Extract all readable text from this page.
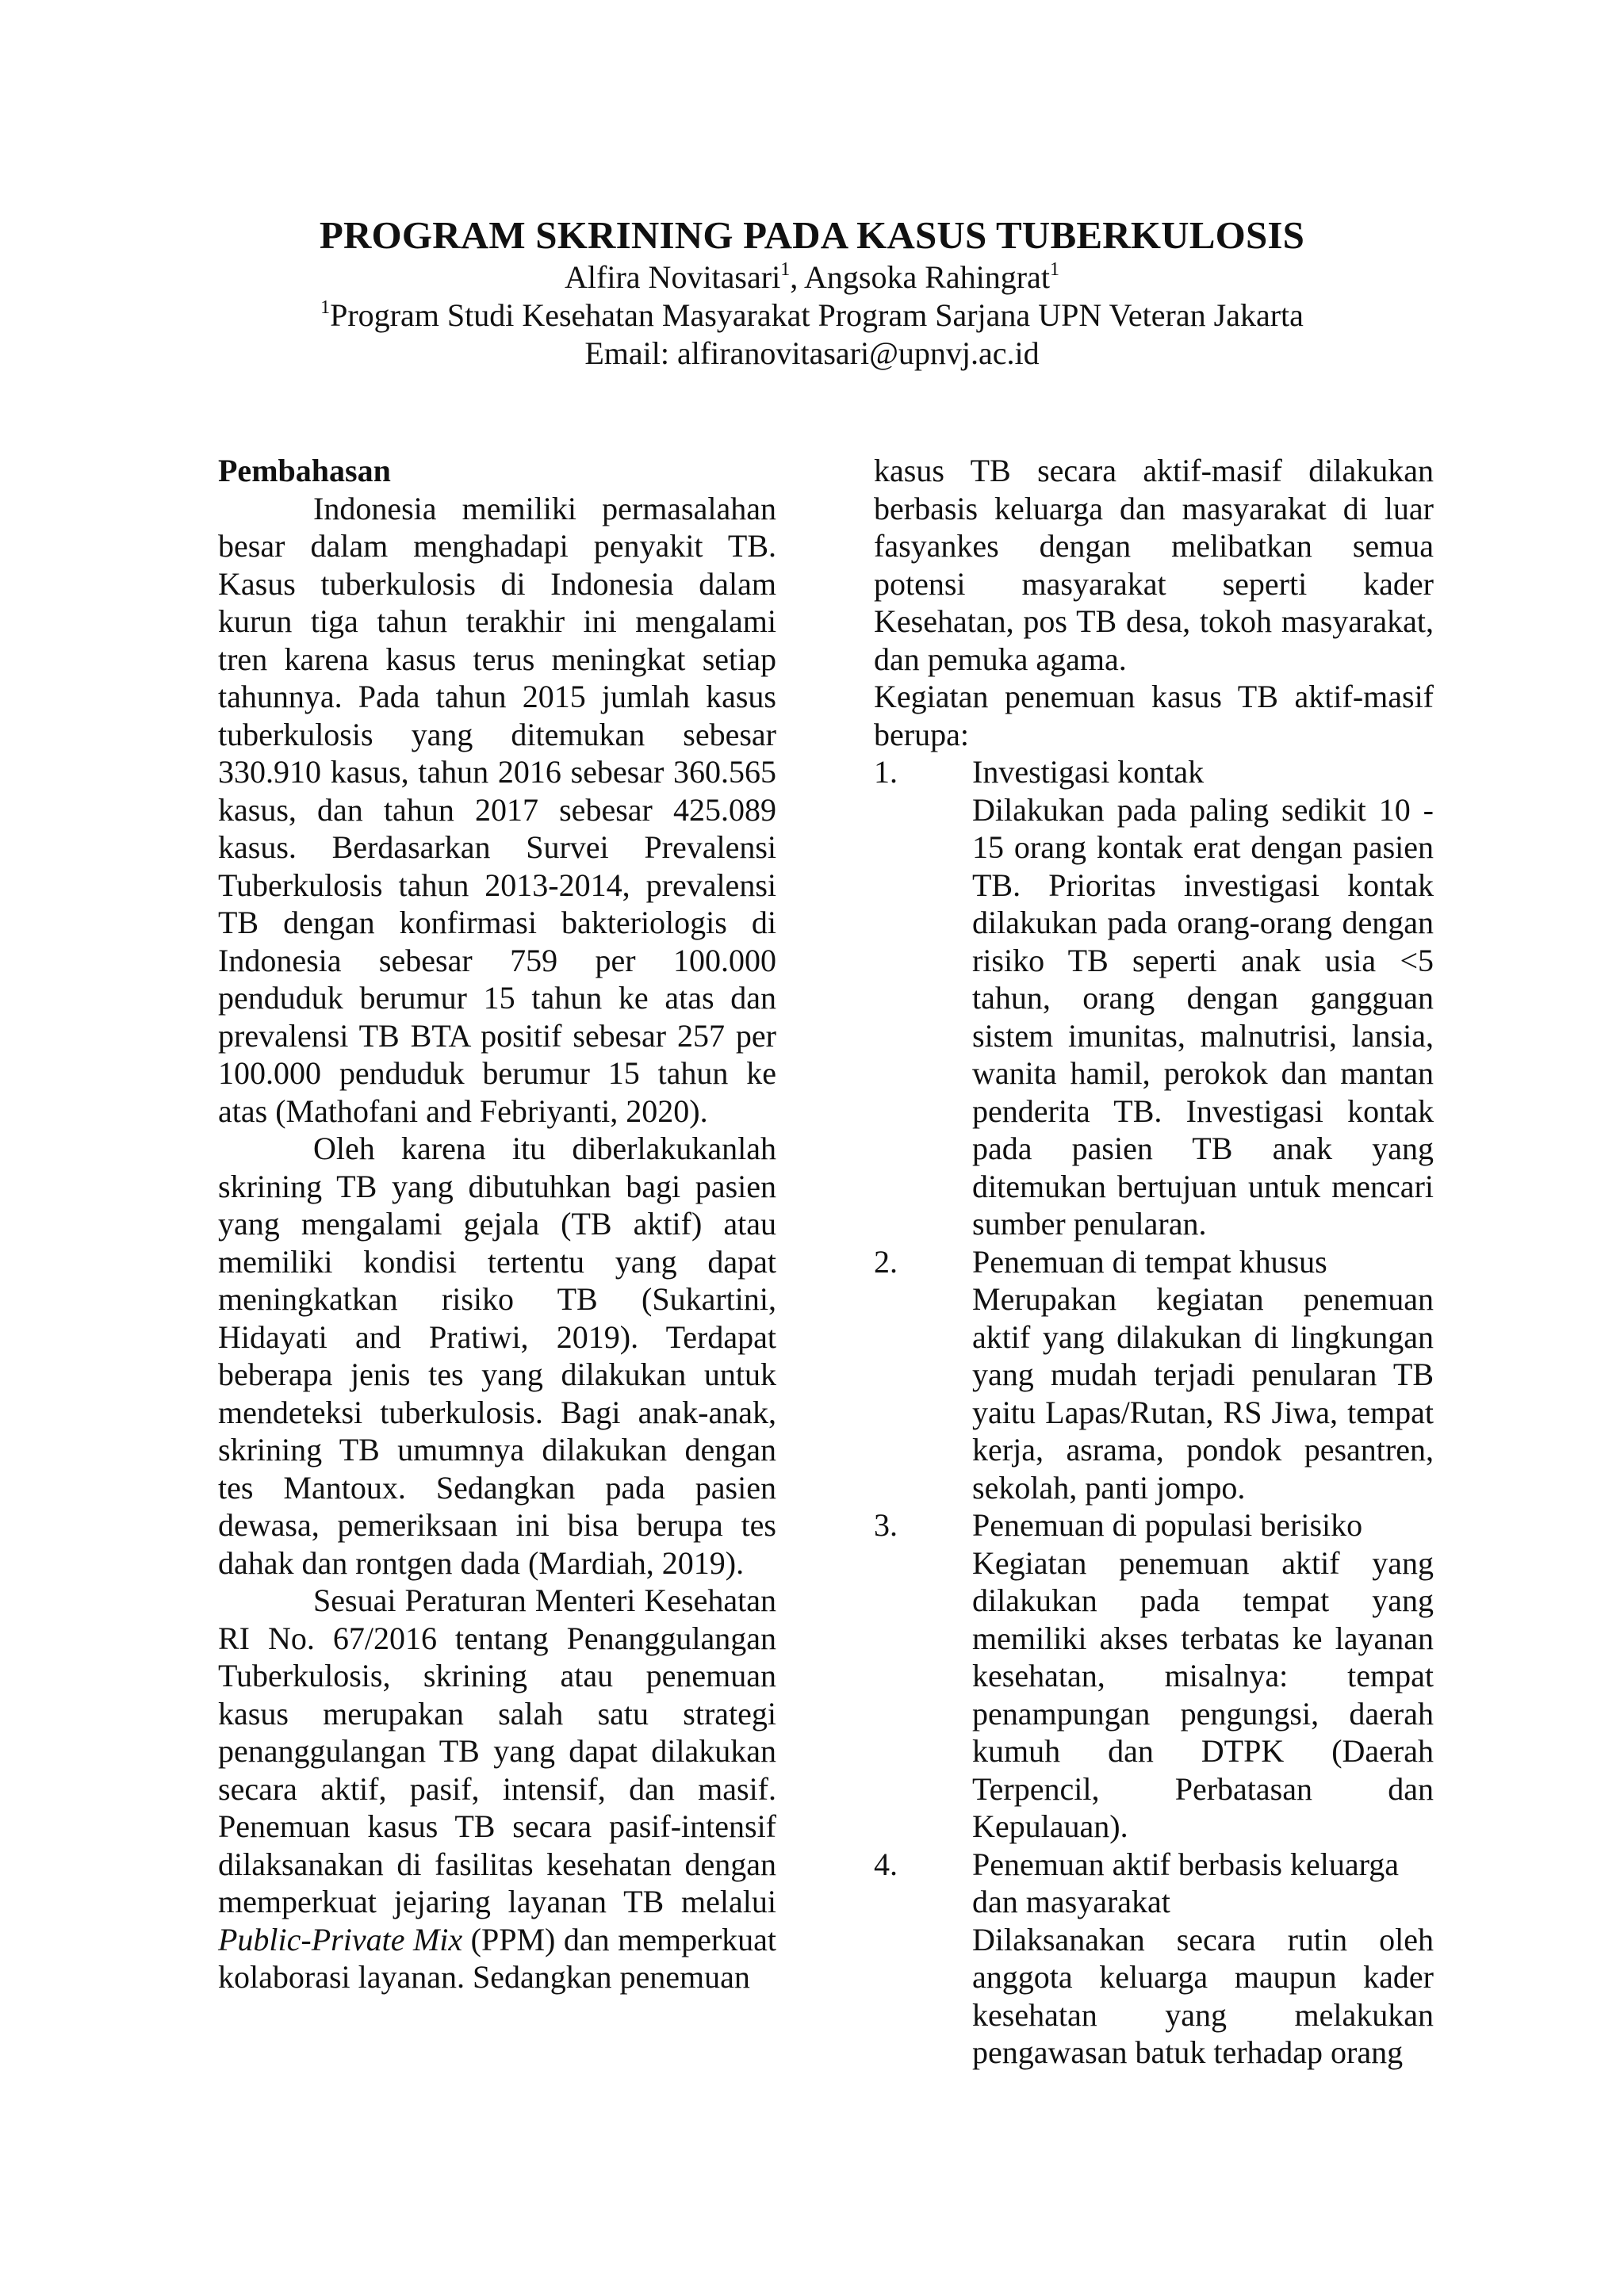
PROGRAM SKRINING PADA KASUS TUBERKULOSIS
Alfira Novitasari$^1$, Angsoka Rahingrat$^1$
$^1$Program Studi Kesehatan Masyarakat Program Sarjana UPN Veteran Jakarta
Email: alfiranovitasari@upnvj.ac.id

Pembahasan

Indonesia memiliki permasalahan besar dalam menghadapi penyakit TB. Kasus tuberkulosis di Indonesia dalam kurun tiga tahun terakhir ini mengalami tren karena kasus terus meningkat setiap tahunnya. Pada tahun 2015 jumlah kasus tuberkulosis yang ditemukan sebesar 330.910 kasus, tahun 2016 sebesar 360.565 kasus, dan tahun 2017 sebesar 425.089 kasus. Berdasarkan Survei Prevalensi Tuberkulosis tahun 2013-2014, prevalensi TB dengan konfirmasi bakteriologis di Indonesia sebesar 759 per 100.000 penduduk berumur 15 tahun ke atas dan prevalensi TB BTA positif sebesar 257 per 100.000 penduduk berumur 15 tahun ke atas (Mathofani and Febriyanti, 2020).

Oleh karena itu diberlakukanlah skrining TB yang dibutuhkan bagi pasien yang mengalami gejala (TB aktif) atau memiliki kondisi tertentu yang dapat meningkatkan risiko TB (Sukartini, Hidayati and Pratiwi, 2019). Terdapat beberapa jenis tes yang dilakukan untuk mendeteksi tuberkulosis. Bagi anak-anak, skrining TB umumnya dilakukan dengan tes Mantoux. Sedangkan pada pasien dewasa, pemeriksaan ini bisa berupa tes dahak dan rontgen dada (Mardiah, 2019).

Sesuai Peraturan Menteri Kesehatan RI No. 67/2016 tentang Penanggulangan Tuberkulosis, skrining atau penemuan kasus merupakan salah satu strategi penanggulangan TB yang dapat dilakukan secara aktif, pasif, intensif, dan masif. Penemuan kasus TB secara pasif-intensif dilaksanakan di fasilitas kesehatan dengan memperkuat jejaring layanan TB melalui Public-Private Mix (PPM) dan memperkuat kolaborasi layanan. Sedangkan penemuan

kasus TB secara aktif-masif dilakukan berbasis keluarga dan masyarakat di luar fasyankes dengan melibatkan semua potensi masyarakat seperti kader Kesehatan, pos TB desa, tokoh masyarakat, dan pemuka agama.

Kegiatan penemuan kasus TB aktif-masif berupa:

1. Investigasi kontak

Dilakukan pada paling sedikit 10 - 15 orang kontak erat dengan pasien TB. Prioritas investigasi kontak dilakukan pada orang-orang dengan risiko TB seperti anak usia <5 tahun, orang dengan gangguan sistem imunitas, malnutrisi, lansia, wanita hamil, perokok dan mantan penderita TB. Investigasi kontak pada pasien TB anak yang ditemukan bertujuan untuk mencari sumber penularan.

2. Penemuan di tempat khusus

Merupakan kegiatan penemuan aktif yang dilakukan di lingkungan yang mudah terjadi penularan TB yaitu Lapas/Rutan, RS Jiwa, tempat kerja, asrama, pondok pesantren, sekolah, panti jompo.

3. Penemuan di populasi berisiko

Kegiatan penemuan aktif yang dilakukan pada tempat yang memiliki akses terbatas ke layanan kesehatan, misalnya: tempat penampungan pengungsi, daerah kumuh dan DTPK (Daerah Terpencil, Perbatasan dan Kepulauan).

4. Penemuan aktif berbasis keluarga dan masyarakat

Dilaksanakan secara rutin oleh anggota keluarga maupun kader kesehatan yang melakukan pengawasan batuk terhadap orang
